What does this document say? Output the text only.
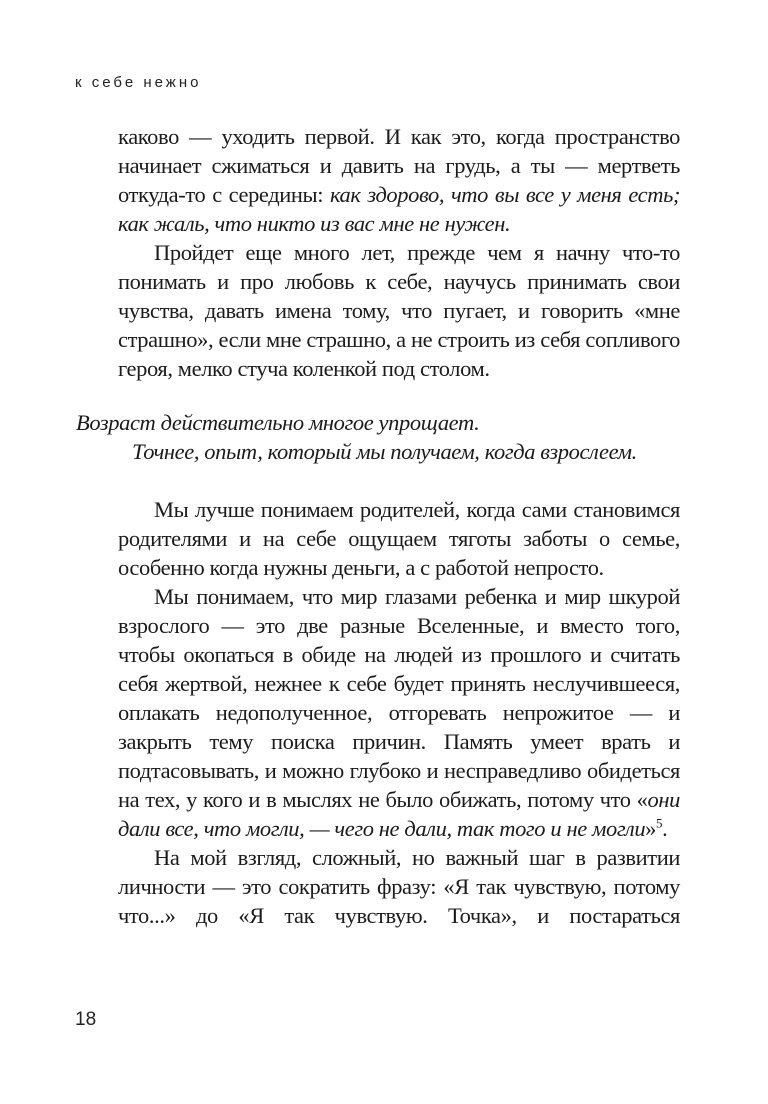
к себе нежно

каково — уходить первой. И как это, когда пространство начинает сжиматься и давить на грудь, а ты — мертветь откуда-то с середины: как здорово, что вы все у меня есть; как жаль, что никто из вас мне не нужен.

Пройдет еще много лет, прежде чем я начну что-то понимать и про любовь к себе, научусь принимать свои чувства, давать имена тому, что пугает, и говорить «мне страшно», если мне страшно, а не строить из себя сопливого героя, мелко стуча коленкой под столом.

Возраст действительно многое упрощает.
Точнее, опыт, который мы получаем, когда взрослеем.

Мы лучше понимаем родителей, когда сами становимся родителями и на себе ощущаем тяготы заботы о семье, особенно когда нужны деньги, а с работой непросто.

Мы понимаем, что мир глазами ребенка и мир шкурой взрослого — это две разные Вселенные, и вместо того, чтобы окопаться в обиде на людей из прошлого и считать себя жертвой, нежнее к себе будет принять неслучившееся, оплакать недополученное, отгоревать непрожитое — и закрыть тему поиска причин. Память умеет врать и подтасовывать, и можно глубоко и несправедливо обидеться на тех, у кого и в мыслях не было обижать, потому что «они дали все, что могли, — чего не дали, так того и не могли»$^5$.

На мой взгляд, сложный, но важный шаг в развитии личности — это сократить фразу: «Я так чувствую, потому что...» до «Я так чувствую. Точка», и постараться

18
